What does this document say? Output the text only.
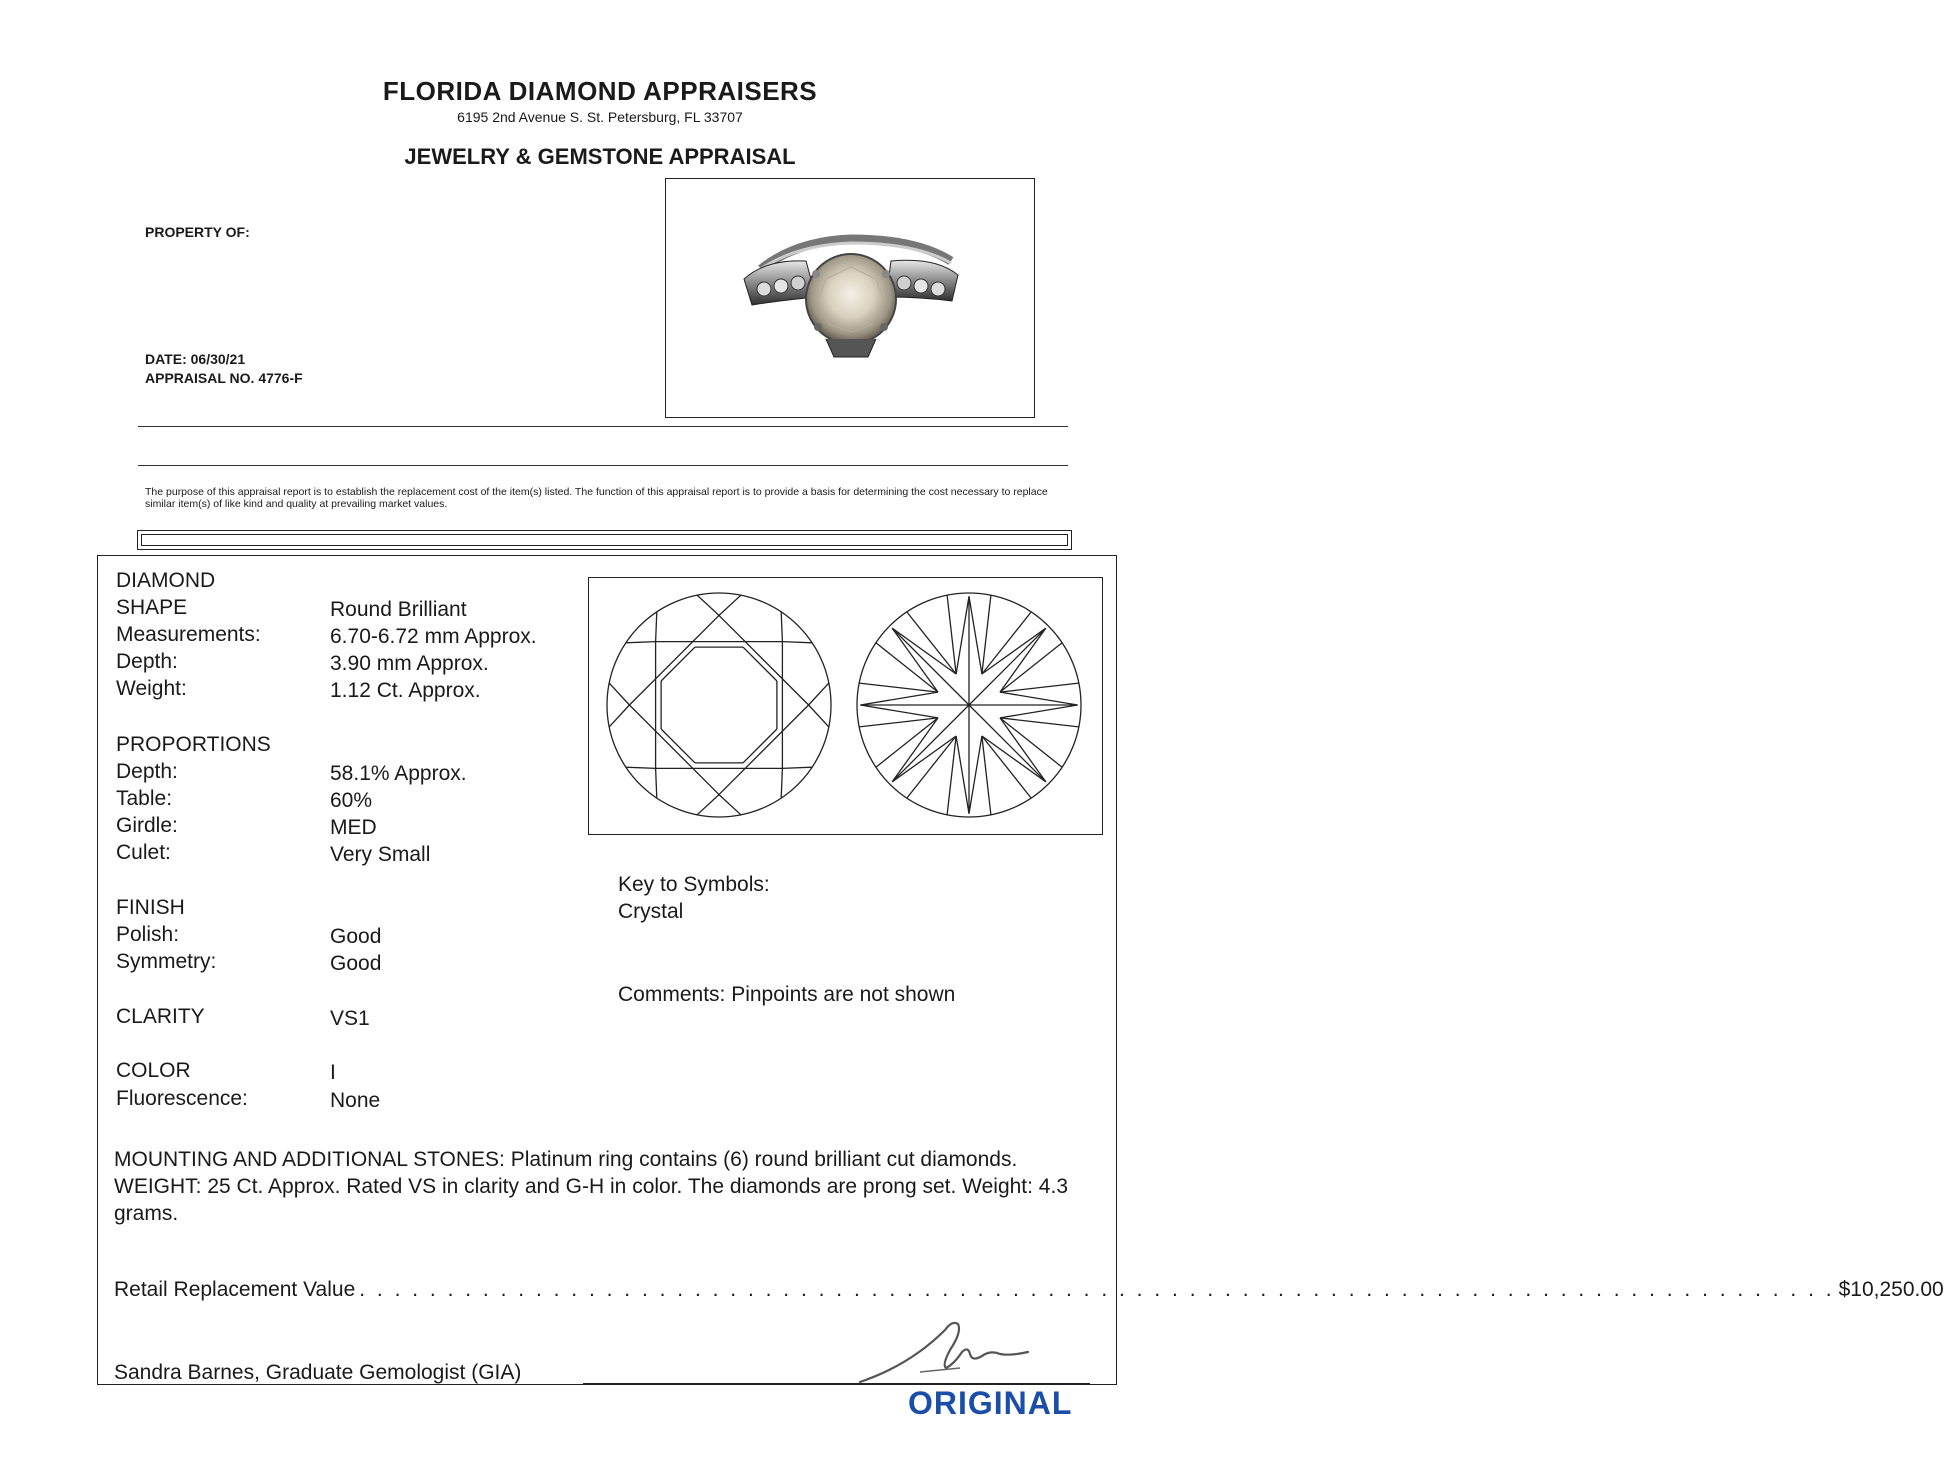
FLORIDA DIAMOND APPRAISERS
6195 2nd Avenue S. St. Petersburg, FL 33707
JEWELRY & GEMSTONE APPRAISAL
PROPERTY OF:
DATE: 06/30/21
APPRAISAL NO. 4776-F
The purpose of this appraisal report is to establish the replacement cost of the item(s) listed. The function of this appraisal report is to provide a basis for determining the cost necessary to replace similar item(s) of like kind and quality at prevailing market values.
DIAMOND
SHAPE	Round Brilliant
Measurements:	6.70-6.72 mm Approx.
Depth:	3.90 mm Approx.
Weight:	1.12 Ct. Approx.
PROPORTIONS
Depth:	58.1% Approx.
Table:	60%
Girdle:	MED
Culet:	Very Small
FINISH
Polish:	Good
Symmetry:	Good
CLARITY	VS1
COLOR	I
Fluorescence:	None
Key to Symbols:
Crystal
Comments: Pinpoints are not shown
MOUNTING AND ADDITIONAL STONES: Platinum ring contains (6) round brilliant cut diamonds. WEIGHT: 25 Ct. Approx. Rated VS in clarity and G-H in color. The diamonds are prong set. Weight: 4.3 grams.
Retail Replacement Value . . . . . . . . . . . . . . . . . . . . . . . . . . . . . . . . . . . . . . . . . . . . . . . . . . . . . . . . . . . . . . . . . . . . . . . . . . . . . . . . . . . . $10,250.00
Sandra Barnes, Graduate Gemologist (GIA)
ORIGINAL
